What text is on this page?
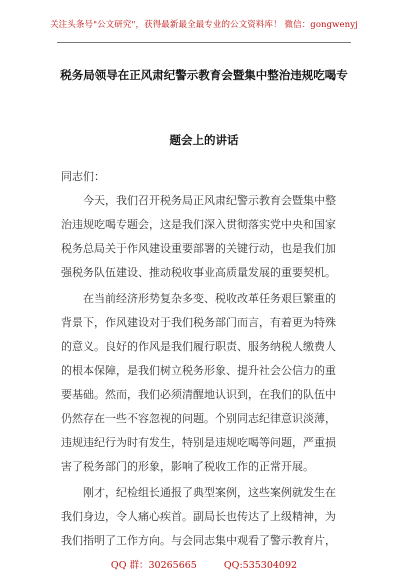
关注头条号"公文研究"，获得最新最全最专业的公文资料库！ 微信：gongwenyj
税务局领导在正风肃纪警示教育会暨集中整治违规吃喝专
题会上的讲话
同志们：
　　今天，我们召开税务局正风肃纪警示教育会暨集中整
治违规吃喝专题会，这是我们深入贯彻落实党中央和国家
税务总局关于作风建设重要部署的关键行动，也是我们加
强税务队伍建设、推动税收事业高质量发展的重要契机。
　　在当前经济形势复杂多变、税收改革任务艰巨繁重的
背景下，作风建设对于我们税务部门而言，有着更为特殊
的意义。良好的作风是我们履行职责、服务纳税人缴费人
的根本保障，是我们树立税务形象、提升社会公信力的重
要基础。然而，我们必须清醒地认识到，在我们的队伍中
仍然存在一些不容忽视的问题。个别同志纪律意识淡薄，
违规违纪行为时有发生，特别是违规吃喝等问题，严重损
害了税务部门的形象，影响了税收工作的正常开展。
　　刚才，纪检组长通报了典型案例，这些案例就发生在
我们身边，令人痛心疾首。副局长也传达了上级精神，为
我们指明了工作方向。与会同志集中观看了警示教育片，
QQ 群：30265665	QQ:535304092
